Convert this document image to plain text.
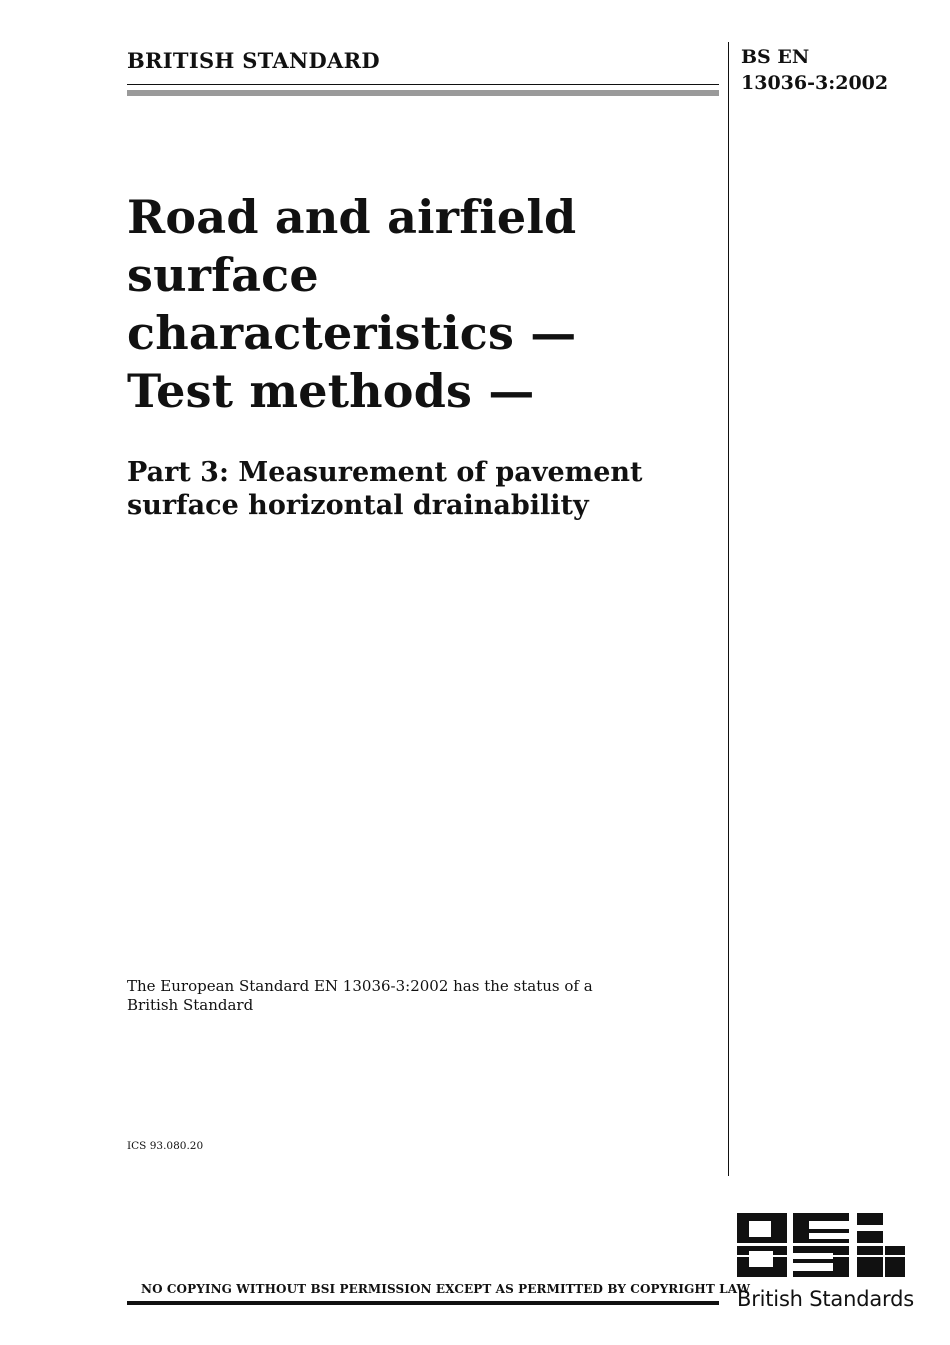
BRITISH STANDARD	BS EN
13036-3:2002
Road and airfield
surface
characteristics —
Test methods —
Part 3: Measurement of pavement
surface horizontal drainability
The European Standard EN 13036-3:2002 has the status of a British Standard
ICS 93.080.20
NO COPYING WITHOUT BSI PERMISSION EXCEPT AS PERMITTED BY COPYRIGHT LAW
British Standards
